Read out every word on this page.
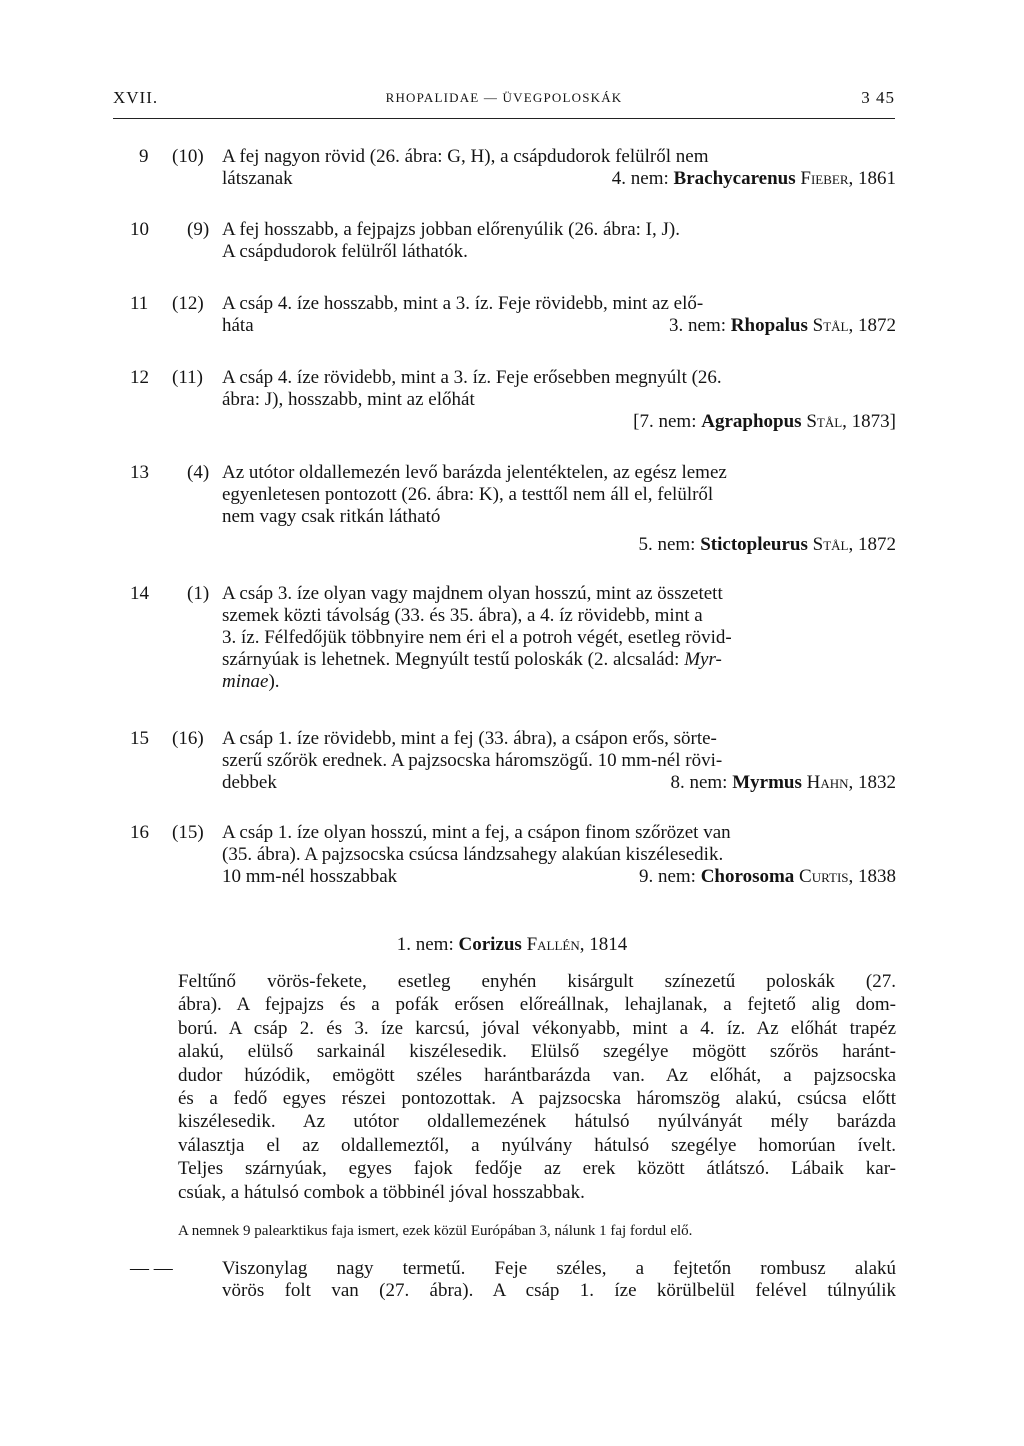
XVII.	RHOPALIDAE — ÜVEGPOLOSKÁK	3 45
9 (10) A fej nagyon rövid (26. ábra: G, H), a csápdudorok felülről nem
látszanak	4. nem: Brachycarenus Fieber, 1861
10 (9) A fej hosszabb, a fejpajzs jobban előrenyúlik (26. ábra: I, J).
A csápdudorok felülről láthatók.
11 (12) A csáp 4. íze hosszabb, mint a 3. íz. Feje rövidebb, mint az elő-
háta	3. nem: Rhopalus Stål, 1872
12 (11) A csáp 4. íze rövidebb, mint a 3. íz. Feje erősebben megnyúlt (26.
ábra: J), hosszabb, mint az előhát
[7. nem: Agraphopus Stål, 1873]
13 (4) Az utótor oldallemezén levő barázda jelentéktelen, az egész lemez
egyenletesen pontozott (26. ábra: K), a testtől nem áll el, felülről
nem vagy csak ritkán látható
5. nem: Stictopleurus Stål, 1872
14 (1) A csáp 3. íze olyan vagy majdnem olyan hosszú, mint az összetett
szemek közti távolság (33. és 35. ábra), a 4. íz rövidebb, mint a
3. íz. Félfedőjük többnyire nem éri el a potroh végét, esetleg rövid-
szárnyúak is lehetnek. Megnyúlt testű poloskák (2. alcsalád: Myr-
minae).
15 (16) A csáp 1. íze rövidebb, mint a fej (33. ábra), a csápon erős, sörte-
szerű szőrök erednek. A pajzsocska háromszögű. 10 mm-nél rövi-
debbek	8. nem: Myrmus Hahn, 1832
16 (15) A csáp 1. íze olyan hosszú, mint a fej, a csápon finom szőrözet van
(35. ábra). A pajzsocska csúcsa lándzsahegy alakúan kiszélesedik.
10 mm-nél hosszabbak	9. nem: Chorosoma Curtis, 1838
1. nem: Corizus Fallén, 1814
Feltűnő vörös-fekete, esetleg enyhén kisárgult színezetű poloskák (27.
ábra). A fejpajzs és a pofák erősen előreállnak, lehajlanak, a fejtető alig dom-
ború. A csáp 2. és 3. íze karcsú, jóval vékonyabb, mint a 4. íz. Az előhát trapéz
alakú, elülső sarkainál kiszélesedik. Elülső szegélye mögött szőrös haránt-
dudor húzódik, emögött széles harántbarázda van. Az előhát, a pajzsocska
és a fedő egyes részei pontozottak. A pajzsocska háromszög alakú, csúcsa előtt
kiszélesedik. Az utótor oldallemezének hátulsó nyúlványát mély barázda
választja el az oldallemeztől, a nyúlvány hátulsó szegélye homorúan ívelt.
Teljes szárnyúak, egyes fajok fedője az erek között átlátszó. Lábaik kar-
csúak, a hátulsó combok a többinél jóval hosszabbak.
A nemnek 9 palearktikus faja ismert, ezek közül Európában 3, nálunk 1 faj fordul elő.
— —	Viszonylag nagy termetű. Feje széles, a fejtetőn rombusz alakú
vörös folt van (27. ábra). A csáp 1. íze körülbelül felével túlnyúlik
